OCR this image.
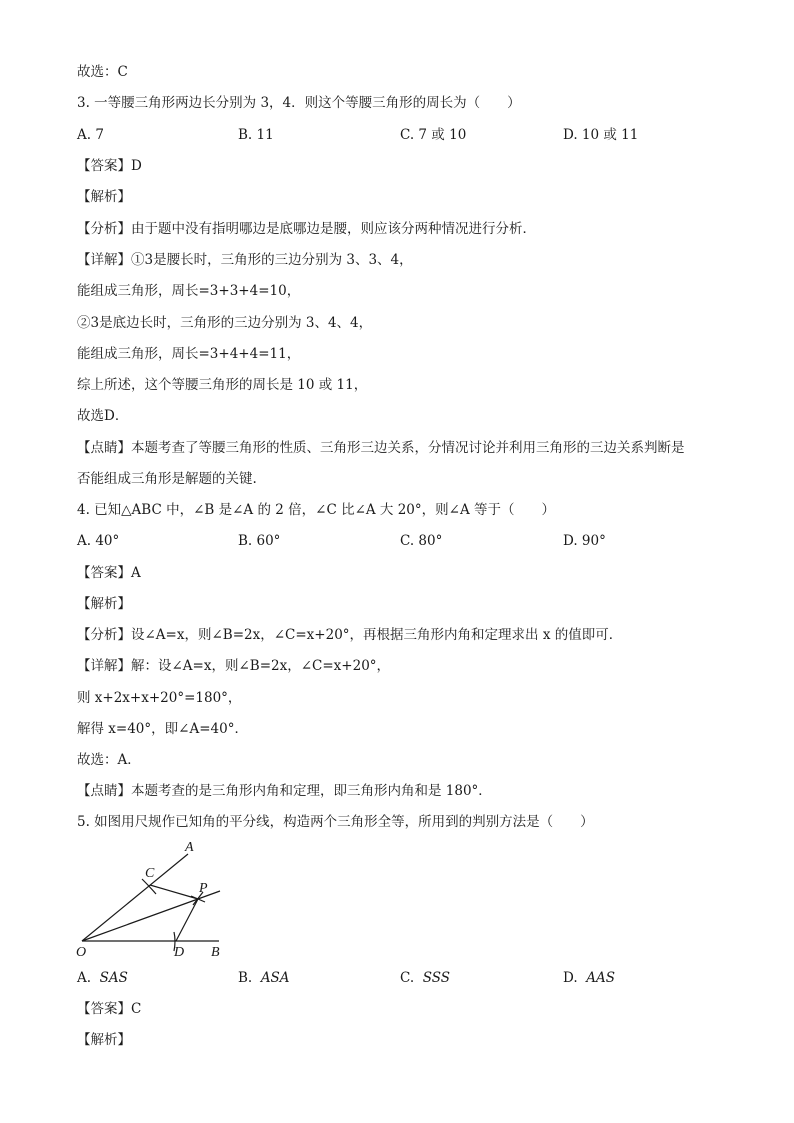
故选：C
3. 一等腰三角形两边长分别为 3，4．则这个等腰三角形的周长为（　　）
A. 7	B. 11	C. 7 或 10	D. 10 或 11
【答案】D
【解析】
【分析】由于题中没有指明哪边是底哪边是腰，则应该分两种情况进行分析．
【详解】①3是腰长时，三角形的三边分别为 3、3、4，
能组成三角形，周长=3+3+4=10，
②3是底边长时，三角形的三边分别为 3、4、4，
能组成三角形，周长=3+4+4=11，
综上所述，这个等腰三角形的周长是 10 或 11，
故选D．
【点睛】本题考查了等腰三角形的性质、三角形三边关系，分情况讨论并利用三角形的三边关系判断是
否能组成三角形是解题的关键.
4. 已知△ABC 中，∠B 是∠A 的 2 倍，∠C 比∠A 大 20°，则∠A 等于（　　）
A. 40°	B. 60°	C. 80°	D. 90°
【答案】A
【解析】
【分析】设∠A=x，则∠B=2x，∠C=x+20°，再根据三角形内角和定理求出 x 的值即可．
【详解】解：设∠A=x，则∠B=2x，∠C=x+20°，
则 x+2x+x+20°=180°，
解得 x=40°，即∠A=40°．
故选：A．
【点睛】本题考查的是三角形内角和定理，即三角形内角和是 180°．
5. 如图用尺规作已知角的平分线，构造两个三角形全等，所用到的判别方法是（　　）
A
C
P
O	D B
A. SAS	B. ASA	C. SSS	D. AAS
【答案】C
【解析】
